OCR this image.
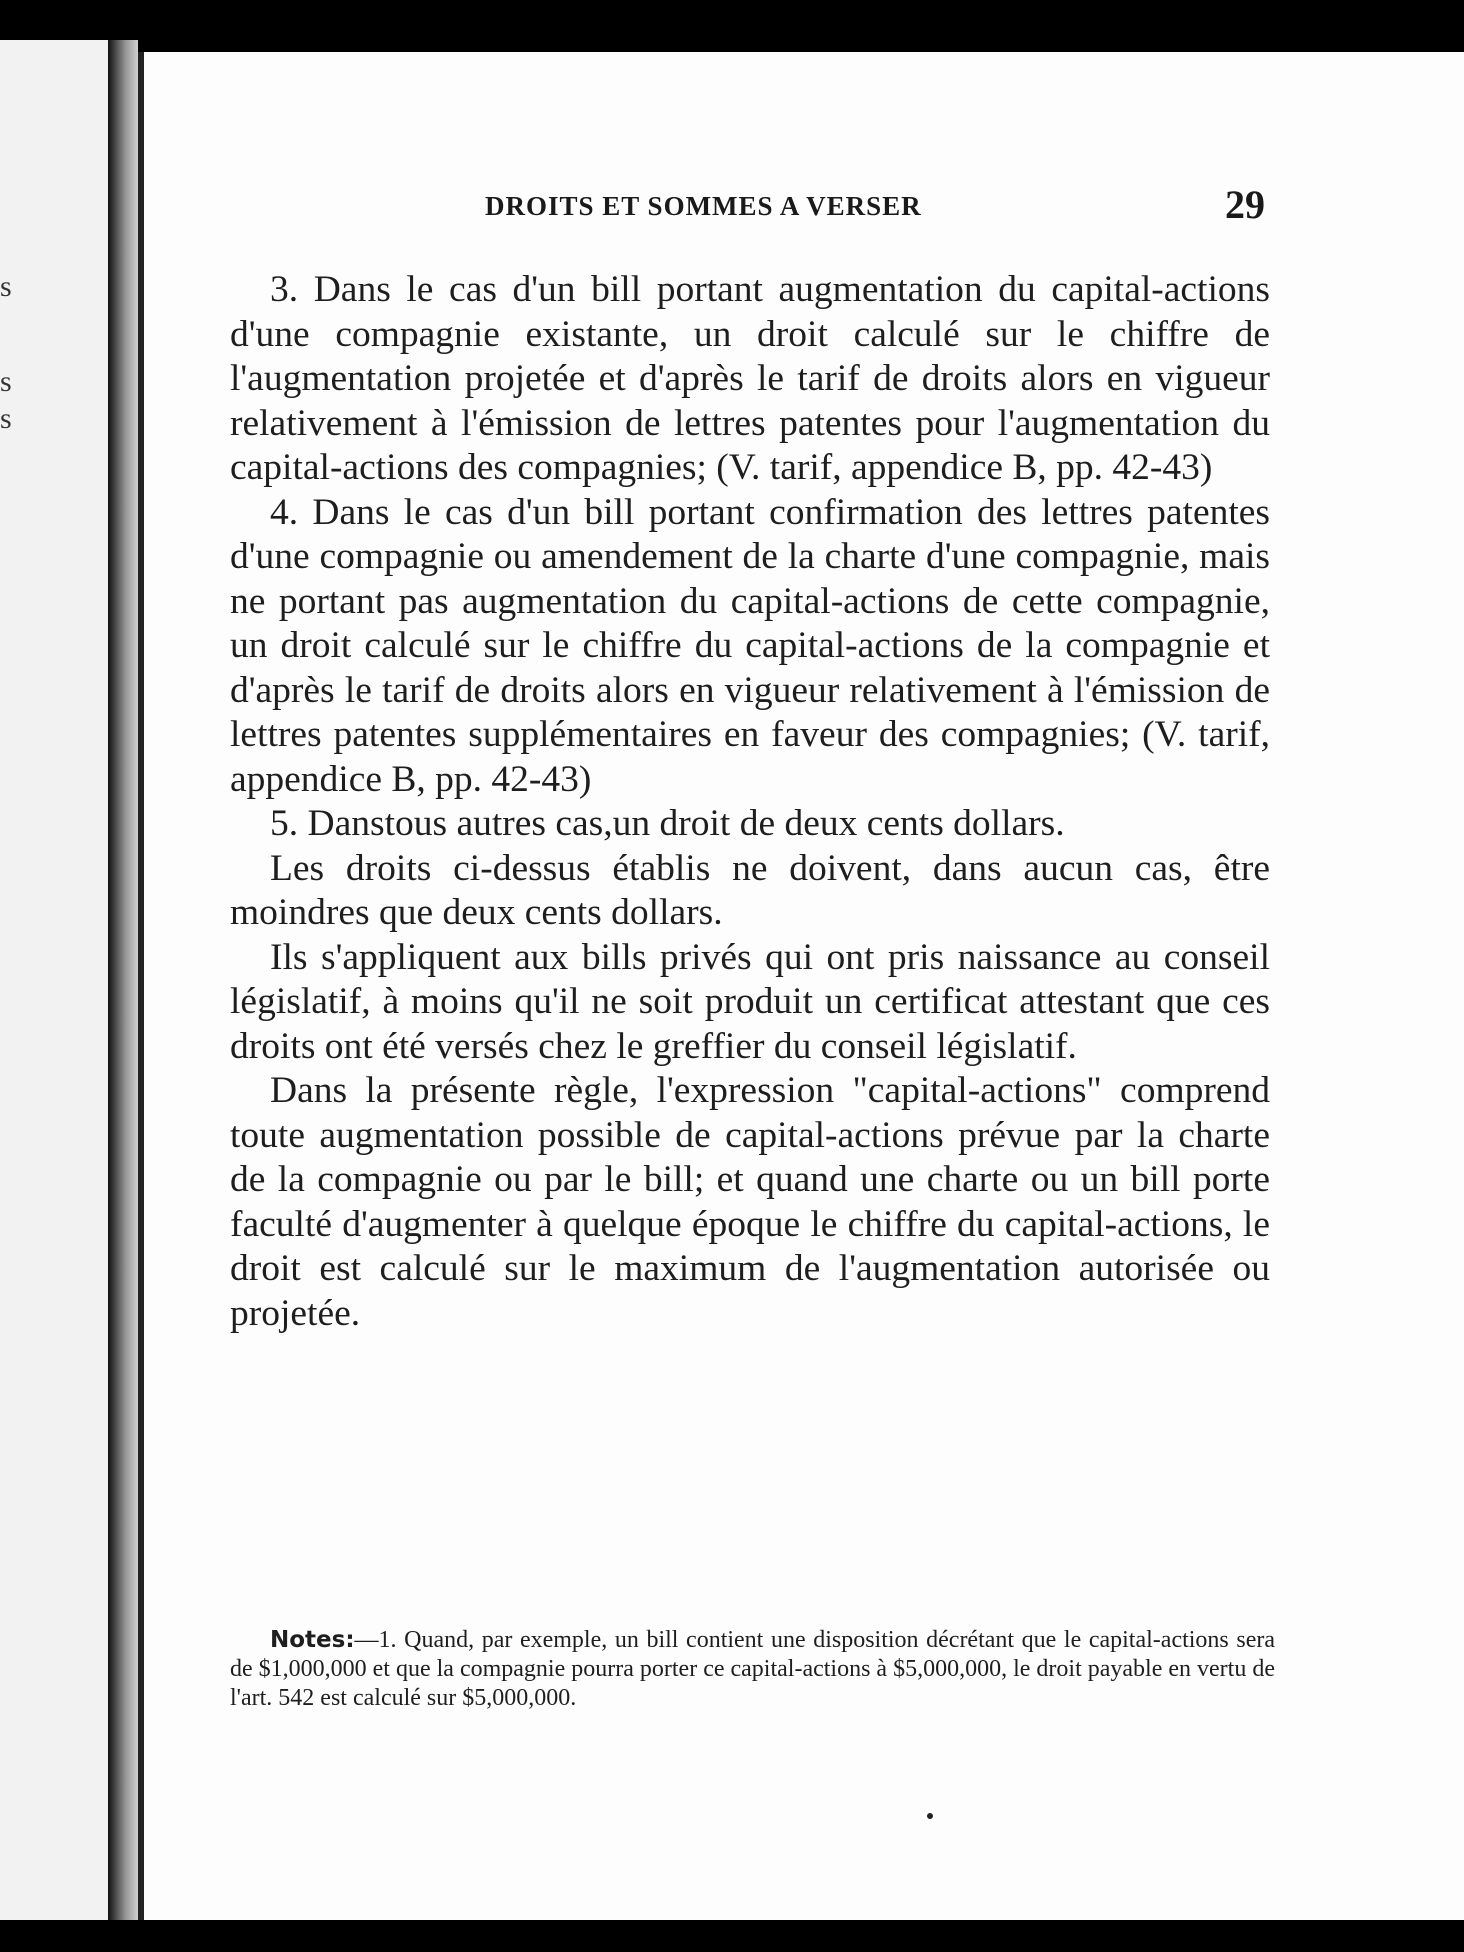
s
s
s
DROITS ET SOMMES A VERSER	29

3. Dans le cas d'un bill portant augmentation du capital-actions d'une compagnie existante, un droit calculé sur le chiffre de l'augmentation projetée et d'après le tarif de droits alors en vigueur relativement à l'émission de lettres patentes pour l'augmentation du capital-actions des compagnies; (V. tarif, appendice B, pp. 42-43)

4. Dans le cas d'un bill portant confirmation des lettres patentes d'une compagnie ou amendement de la charte d'une compagnie, mais ne portant pas augmentation du capital-actions de cette compagnie, un droit calculé sur le chiffre du capital-actions de la compagnie et d'après le tarif de droits alors en vigueur relativement à l'émission de lettres patentes supplémentaires en faveur des compagnies; (V. tarif, appendice B, pp. 42-43)

5. Danstous autres cas,un droit de deux cents dollars.

Les droits ci-dessus établis ne doivent, dans aucun cas, être moindres que deux cents dollars.

Ils s'appliquent aux bills privés qui ont pris naissance au conseil législatif, à moins qu'il ne soit produit un certificat attestant que ces droits ont été versés chez le greffier du conseil législatif.

Dans la présente règle, l'expression "capital-actions" comprend toute augmentation possible de capital-actions prévue par la charte de la compagnie ou par le bill; et quand une charte ou un bill porte faculté d'augmenter à quelque époque le chiffre du capital-actions, le droit est calculé sur le maximum de l'augmentation autorisée ou projetée.

Notes:—1. Quand, par exemple, un bill contient une disposition décrétant que le capital-actions sera de $1,000,000 et que la compagnie pourra porter ce capital-actions à $5,000,000, le droit payable en vertu de l'art. 542 est calculé sur $5,000,000.
